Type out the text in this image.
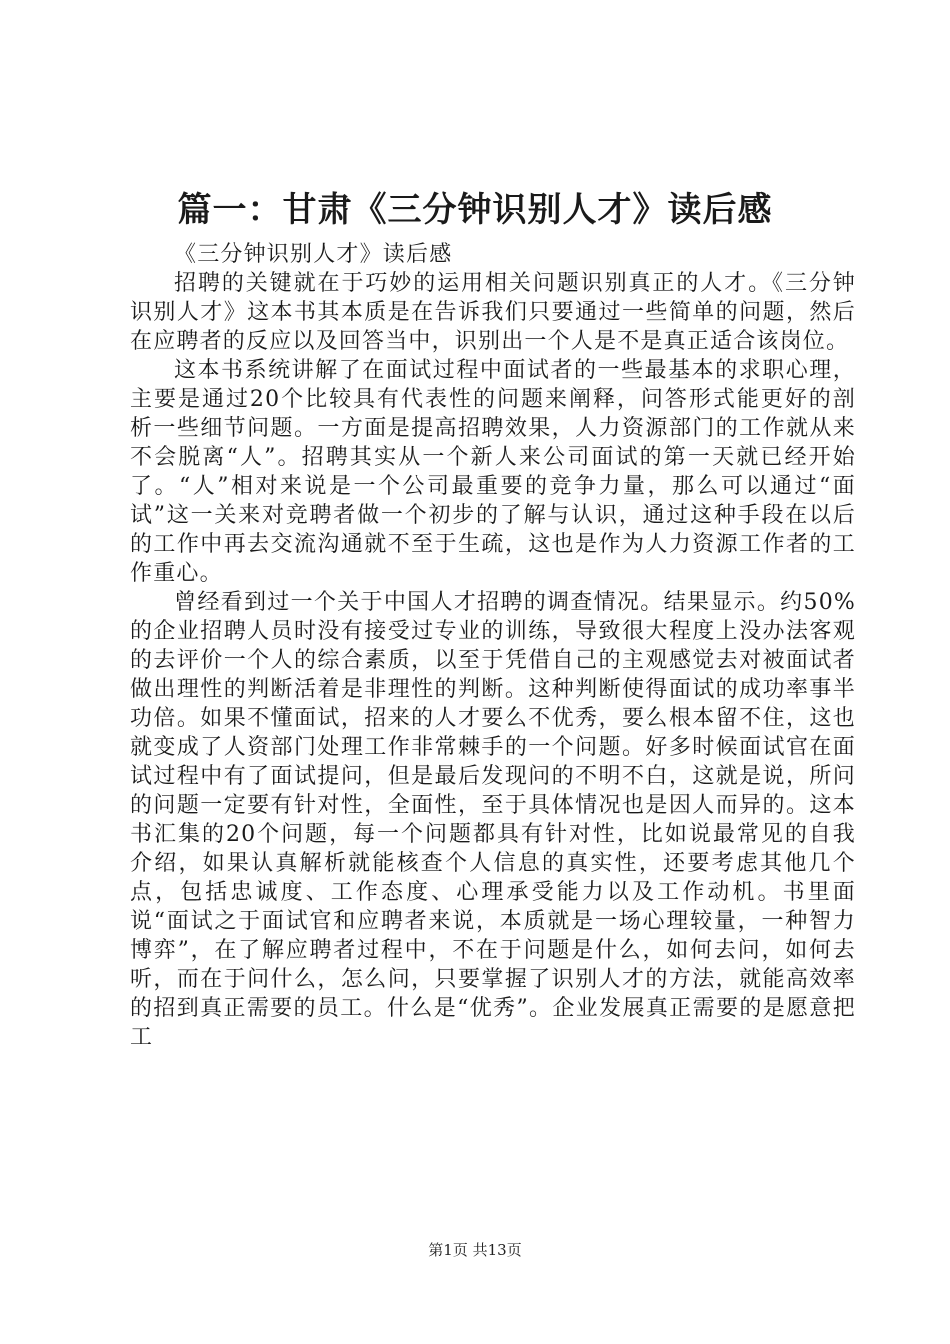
篇一：甘肃《三分钟识别人才》读后感

《三分钟识别人才》读后感

招聘的关键就在于巧妙的运用相关问题识别真正的人才。《三分钟识别人才》这本书其本质是在告诉我们只要通过一些简单的问题，然后在应聘者的反应以及回答当中，识别出一个人是不是真正适合该岗位。

这本书系统讲解了在面试过程中面试者的一些最基本的求职心理，主要是通过20个比较具有代表性的问题来阐释，问答形式能更好的剖析一些细节问题。一方面是提高招聘效果，人力资源部门的工作就从来不会脱离“人”。招聘其实从一个新人来公司面试的第一天就已经开始了。“人”相对来说是一个公司最重要的竞争力量，那么可以通过“面试”这一关来对竞聘者做一个初步的了解与认识，通过这种手段在以后的工作中再去交流沟通就不至于生疏，这也是作为人力资源工作者的工作重心。

曾经看到过一个关于中国人才招聘的调查情况。结果显示。约50%的企业招聘人员时没有接受过专业的训练，导致很大程度上没办法客观的去评价一个人的综合素质，以至于凭借自己的主观感觉去对被面试者做出理性的判断活着是非理性的判断。这种判断使得面试的成功率事半功倍。如果不懂面试，招来的人才要么不优秀，要么根本留不住，这也就变成了人资部门处理工作非常棘手的一个问题。好多时候面试官在面试过程中有了面试提问，但是最后发现问的不明不白，这就是说，所问的问题一定要有针对性，全面性，至于具体情况也是因人而异的。这本书汇集的20个问题，每一个问题都具有针对性，比如说最常见的自我介绍，如果认真解析就能核查个人信息的真实性，还要考虑其他几个点，包括忠诚度、工作态度、心理承受能力以及工作动机。书里面说“面试之于面试官和应聘者来说，本质就是一场心理较量，一种智力博弈”，在了解应聘者过程中，不在于问题是什么，如何去问，如何去听，而在于问什么，怎么问，只要掌握了识别人才的方法，就能高效率的招到真正需要的员工。什么是“优秀”。企业发展真正需要的是愿意把工

第1页 共13页
